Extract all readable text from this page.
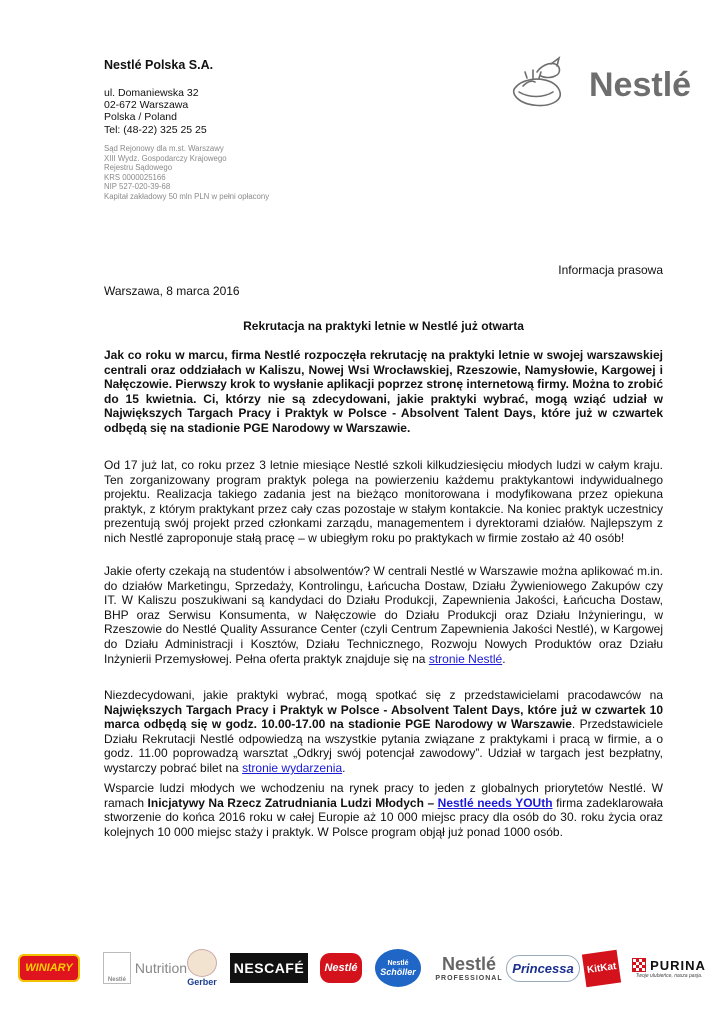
Nestlé Polska S.A.
ul. Domaniewska 32
02-672 Warszawa
Polska / Poland
Tel: (48-22) 325 25 25
Sąd Rejonowy dla m.st. Warszawy
XIII Wydz. Gospodarczy Krajowego
Rejestru Sądowego
KRS 0000025166
NIP 527-020-39-68
Kapitał zakładowy 50 mln PLN w pełni opłacony
Nestlé
Informacja prasowa
Warszawa, 8 marca 2016
Rekrutacja na praktyki letnie w Nestlé już otwarta
Jak co roku w marcu, firma Nestlé rozpoczęła rekrutację na praktyki letnie w swojej warszawskiej centrali oraz oddziałach w Kaliszu, Nowej Wsi Wrocławskiej, Rzeszowie, Namysłowie, Kargowej i Nałęczowie. Pierwszy krok to wysłanie aplikacji poprzez stronę internetową firmy. Można to zrobić do 15 kwietnia. Ci, którzy nie są zdecydowani, jakie praktyki wybrać, mogą wziąć udział w Największych Targach Pracy i Praktyk w Polsce - Absolvent Talent Days, które już w czwartek odbędą się na stadionie PGE Narodowy w Warszawie.
Od 17 już lat, co roku przez 3 letnie miesiące Nestlé szkoli kilkudziesięciu młodych ludzi w całym kraju. Ten zorganizowany program praktyk polega na powierzeniu każdemu praktykantowi indywidualnego projektu. Realizacja takiego zadania jest na bieżąco monitorowana i modyfikowana przez opiekuna praktyk, z którym praktykant przez cały czas pozostaje w stałym kontakcie. Na koniec praktyk uczestnicy prezentują swój projekt przed członkami zarządu, managementem i dyrektorami działów. Najlepszym z nich Nestlé zaproponuje stałą pracę – w ubiegłym roku po praktykach w firmie zostało aż 40 osób!
Jakie oferty czekają na studentów i absolwentów? W centrali Nestlé w Warszawie można aplikować m.in. do działów Marketingu, Sprzedaży, Kontrolingu, Łańcucha Dostaw, Działu Żywieniowego Zakupów czy IT. W Kaliszu poszukiwani są kandydaci do Działu Produkcji, Zapewnienia Jakości, Łańcucha Dostaw, BHP oraz Serwisu Konsumenta, w Nałęczowie do Działu Produkcji oraz Działu Inżynieringu, w Rzeszowie do Nestlé Quality Assurance Center (czyli Centrum Zapewnienia Jakości Nestlé), w Kargowej do Działu Administracji i Kosztów, Działu Technicznego, Rozwoju Nowych Produktów oraz Działu Inżynierii Przemysłowej. Pełna oferta praktyk znajduje się na stronie Nestlé.
Niezdecydowani, jakie praktyki wybrać, mogą spotkać się z przedstawicielami pracodawców na Największych Targach Pracy i Praktyk w Polsce - Absolvent Talent Days, które już w czwartek 10 marca odbędą się w godz. 10.00-17.00 na stadionie PGE Narodowy w Warszawie. Przedstawiciele Działu Rekrutacji Nestlé odpowiedzą na wszystkie pytania związane z praktykami i pracą w firmie, a o godz. 11.00 poprowadzą warsztat „Odkryj swój potencjał zawodowy”. Udział w targach jest bezpłatny, wystarczy pobrać bilet na stronie wydarzenia.
Wsparcie ludzi młodych we wchodzeniu na rynek pracy to jeden z globalnych priorytetów Nestlé. W ramach Inicjatywy Na Rzecz Zatrudniania Ludzi Młodych – Nestlé needs YOUth firma zadeklarowała stworzenie do końca 2016 roku w całej Europie aż 10 000 miejsc pracy dla osób do 30. roku życia oraz kolejnych 10 000 miejsc staży i praktyk. W Polsce program objął już ponad 1000 osób.
WINIARY
Nestlé
Nutrition
Gerber
NESCAFÉ	Nestlé	Nestlé
Schöller Nestlé
PROFESSIONAL
Princessa	KitKat	PURINA
Twoje ulubieńce, nasza pasja.
